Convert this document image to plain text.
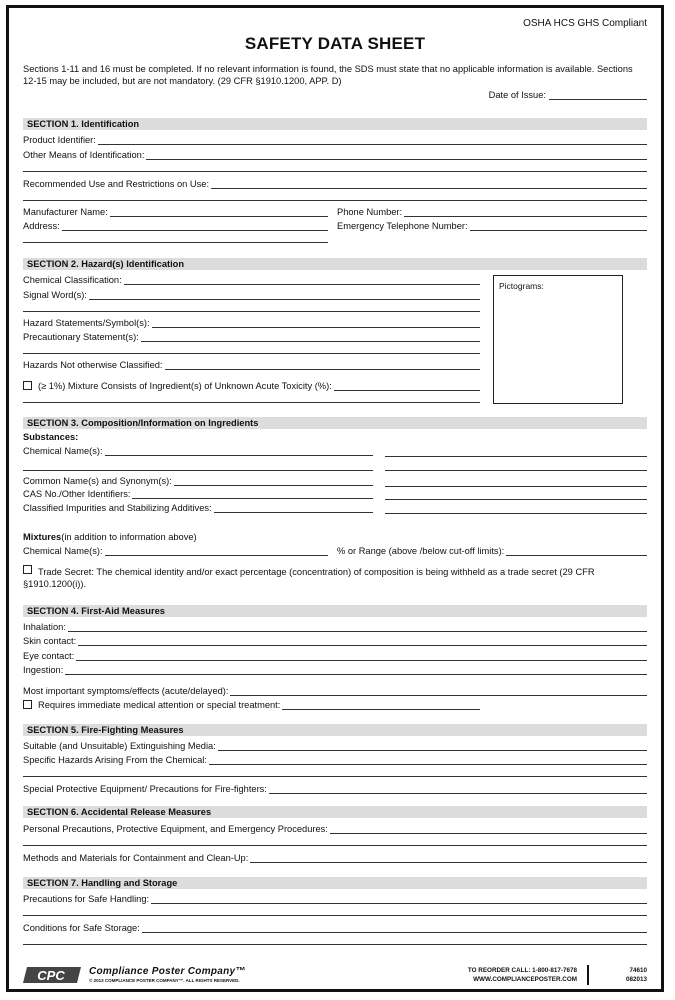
OSHA HCS GHS Compliant
SAFETY DATA SHEET
Sections 1-11 and 16 must be completed. If no relevant information is found, the SDS must state that no applicable information is available. Sections 12-15 may be included, but are not mandatory. (29 CFR §1910.1200, APP. D)
Date of Issue:
SECTION 1. Identification
Product Identifier:
Other Means of Identification:
Recommended Use and Restrictions on Use:
Manufacturer Name:	Phone Number:
Address:	Emergency Telephone Number:
SECTION 2. Hazard(s) Identification
Chemical Classification:
Signal Word(s):
Hazard Statements/Symbol(s):
Precautionary Statement(s):
Hazards Not otherwise Classified:
(≥ 1%) Mixture Consists of Ingredient(s) of Unknown Acute Toxicity (%):
Pictograms:
SECTION 3. Composition/Information on Ingredients
Substances:
Chemical Name(s):
Common Name(s) and Synonym(s):
CAS No./Other Identifiers:
Classified Impurities and Stabilizing Additives:
Mixtures (in addition to information above)
Chemical Name(s):	% or Range (above /below cut-off limits):
Trade Secret: The chemical identity and/or exact percentage (concentration) of composition is being withheld as a trade secret (29 CFR §1910.1200(i)).
SECTION 4. First-Aid Measures
Inhalation:
Skin contact:
Eye contact:
Ingestion:
Most important symptoms/effects (acute/delayed):
Requires immediate medical attention or special treatment:
SECTION 5. Fire-Fighting Measures
Suitable (and Unsuitable) Extinguishing Media:
Specific Hazards Arising From the Chemical:
Special Protective Equipment/ Precautions for Fire-fighters:
SECTION 6. Accidental Release Measures
Personal Precautions, Protective Equipment, and Emergency Procedures:
Methods and Materials for Containment and Clean-Up:
SECTION 7. Handling and Storage
Precautions for Safe Handling:
Conditions for Safe Storage:
CPC Compliance Poster Company™
© 2013 COMPLIANCE POSTER COMPANY™. ALL RIGHTS RESERVED.
TO REORDER CALL: 1-800-817-7678
WWW.COMPLIANCEPOSTER.COM
74610
082013
